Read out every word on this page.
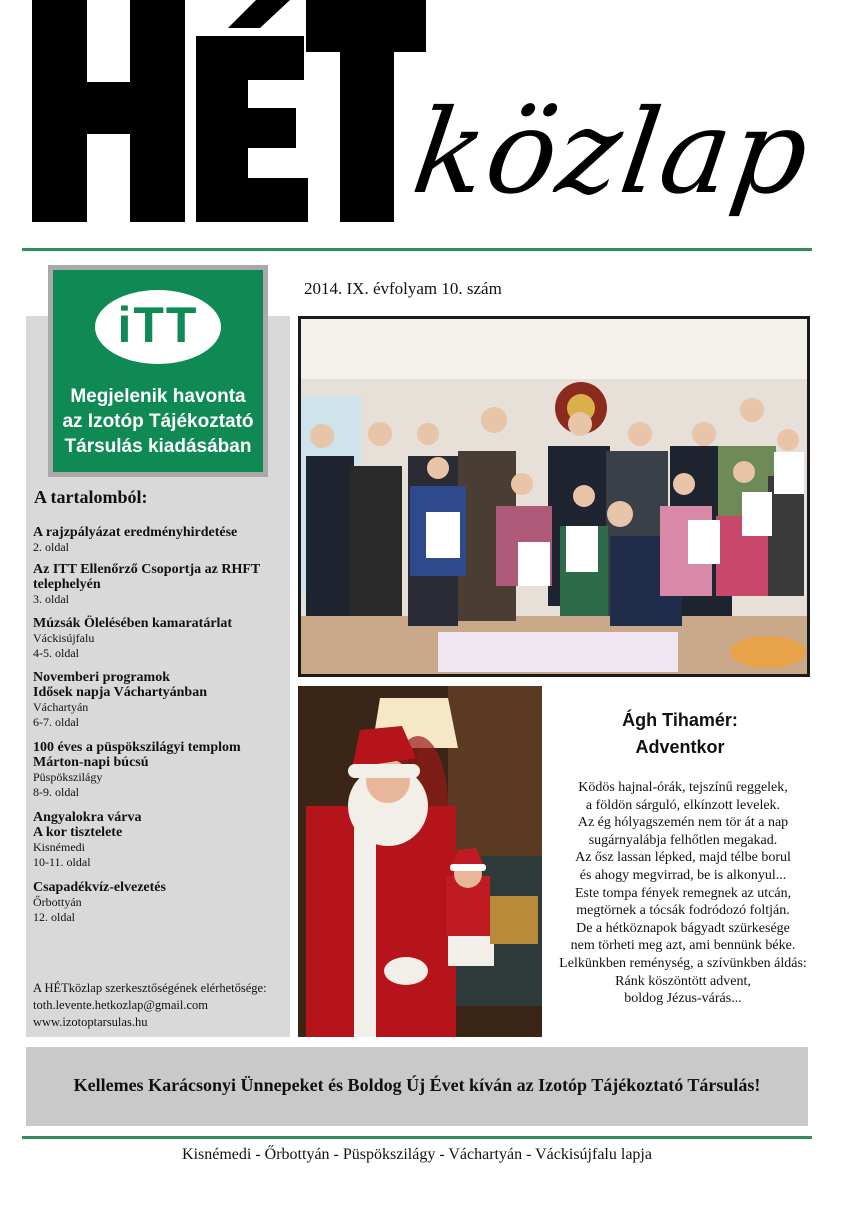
közlap
2014. IX. évfolyam 10. szám
iTT
Megjelenik havonta
az Izotóp Tájékoztató
Társulás kiadásában
A tartalomból:
A rajzpályázat eredményhirdetése
2. oldal
Az ITT Ellenőrző Csoportja az RHFT telephelyén
3. oldal
Múzsák Ölelésében kamaratárlat
Váckisújfalu
4-5. oldal
Novemberi programok
Idősek napja Váchartyánban
Váchartyán
6-7. oldal
100 éves a püspökszilágyi templom
Márton-napi búcsú
Püspökszilágy
8-9. oldal
Angyalokra várva
A kor tisztelete
Kisnémedi
10-11. oldal
Csapadékvíz-elvezetés
Őrbottyán
12. oldal
A HÉTközlap szerkesztőségének elérhetősége:
toth.levente.hetkozlap@gmail.com
www.izotoptarsulas.hu
Ágh Tihamér:
Adventkor
Ködös hajnal-órák, tejszínű reggelek,
a földön sárguló, elkínzott levelek.
Az ég hólyagszemén nem tör át a nap
sugárnyalábja felhőtlen megakad.
Az ősz lassan lépked, majd télbe borul
és ahogy megvirrad, be is alkonyul...
Este tompa fények remegnek az utcán,
megtörnek a tócsák fodródozó foltján.
De a hétköznapok bágyadt szürkesége
nem törheti meg azt, ami bennünk béke.
Lelkünkben reménység, a szívünkben áldás:
Ránk köszöntött advent,
boldog Jézus-várás...
Kellemes Karácsonyi Ünnepeket és Boldog Új Évet kíván az Izotóp Tájékoztató Társulás!
Kisnémedi - Őrbottyán - Püspökszilágy - Váchartyán - Váckisújfalu lapja
